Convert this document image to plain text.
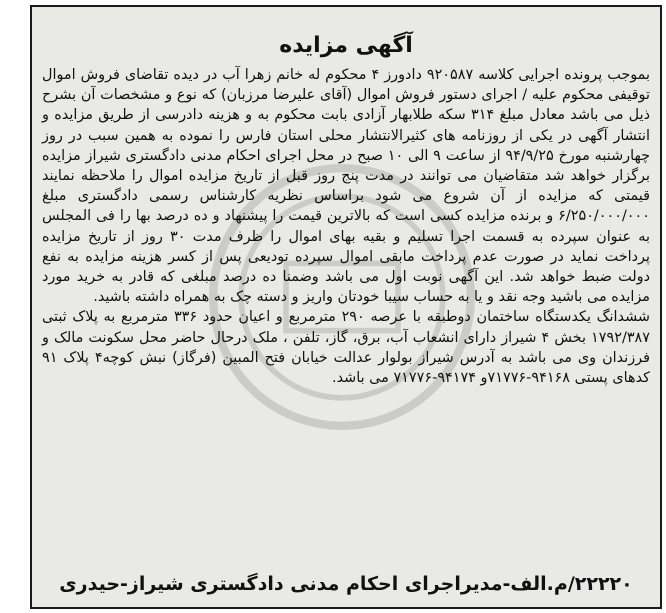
آگهی مزایده

بموجب پرونده اجرایی کلاسه ۹۲۰۵۸۷ دادورز ۴ محکوم له خانم زهرا آب در دیده تقاضای فروش اموال توقیفی محکوم علیه / اجرای دستور فروش اموال (آقای علیرضا مرزبان) که نوع و مشخصات آن بشرح ذیل می باشد معادل مبلغ ۳۱۴ سکه طلابهار آزادی بابت محکوم به و هزینه دادرسی از طریق مزایده و انتشار آگهی در یکی از روزنامه های کثیرالانتشار محلی استان فارس را نموده به همین سبب در روز چهارشنبه مورخ ۹۴/۹/۲۵ از ساعت ۹ الی ۱۰ صبح در محل اجرای احکام مدنی دادگستری شیراز مزایده برگزار خواهد شد متقاضیان می توانند در مدت پنج روز قبل از تاریخ مزایده اموال را ملاحظه نمایند قیمتی که مزایده از آن شروع می شود براساس نظریه کارشناس رسمی دادگستری مبلغ ۶/۲۵۰/۰۰۰/۰۰۰ و برنده مزایده کسی است که بالاترین قیمت را پیشنهاد و ده درصد بها را فی المجلس به عنوان سپرده به قسمت اجرا تسلیم و بقیه بهای اموال را ظرف مدت ۳۰ روز از تاریخ مزایده پرداخت نماید در صورت عدم پرداخت مابقی اموال سپرده تودیعی پس از کسر هزینه مزایده به نفع دولت ضبط خواهد شد. این آگهی نوبت اول می باشد وضمنا ده درصد مبلغی که قادر به خرید مورد مزایده می باشید وجه نقد و یا به حساب سیبا خودتان واریز و دسته چک به همراه داشته باشید.

ششدانگ یکدستگاه ساختمان دوطبقه با عرصه ۲۹۰ مترمربع و اعیان حدود ۳۳۶ مترمربع به پلاک ثبتی ۱۷۹۲/۳۸۷ بخش ۴ شیراز دارای انشعاب آب، برق، گاز، تلفن ، ملک درحال حاضر محل سکونت مالک و فرزندان وی می باشد به آدرس شیراز بولوار عدالت خیابان فتح المبین (فرگاز) نبش کوچه۴ پلاک ۹۱ کدهای پستی ۹۴۱۶۸-۷۱۷۷۶و ۹۴۱۷۴-۷۱۷۷۶ می باشد.

۲۲۲۲۰/م.الف-مدیراجرای احکام مدنی دادگستری شیراز-حیدری
